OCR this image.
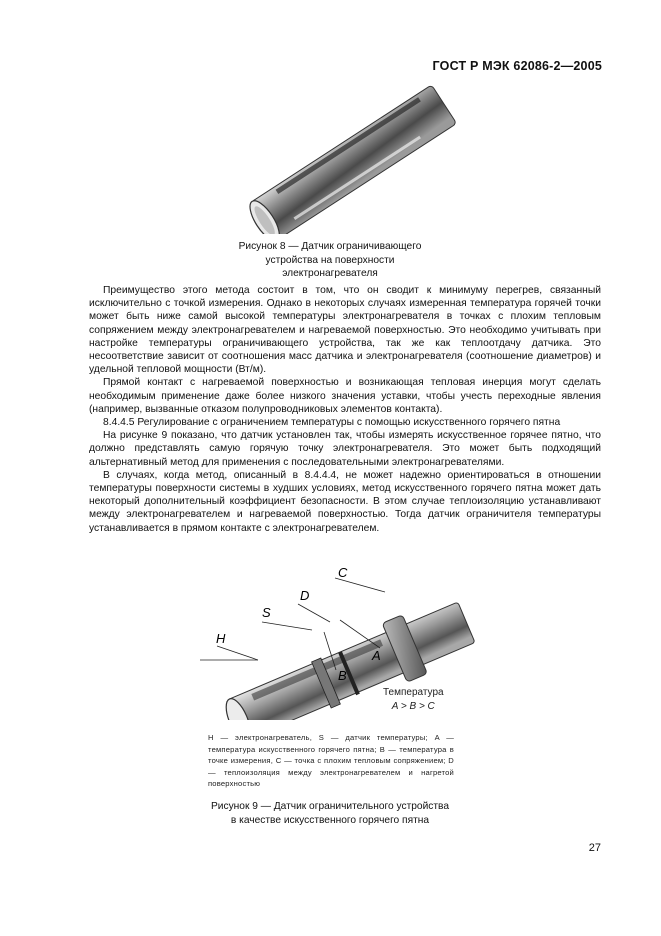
ГОСТ Р МЭК 62086-2—2005
Рисунок 8 — Датчик ограничивающего
устройства на поверхности
электронагревателя

Преимущество этого метода состоит в том, что он сводит к минимуму перегрев, связанный исключительно с точкой измерения. Однако в некоторых случаях измеренная температура горячей точки может быть ниже самой высокой температуры электронагревателя в точках с плохим тепловым сопряжением между электронагревателем и нагреваемой поверхностью. Это необходимо учитывать при настройке температуры ограничивающего устройства, так же как теплоотдачу датчика. Это несоответствие зависит от соотношения масс датчика и электронагревателя (соотношение диаметров) и удельной тепловой мощности (Вт/м).

Прямой контакт с нагреваемой поверхностью и возникающая тепловая инерция могут сделать необходимым применение даже более низкого значения уставки, чтобы учесть переходные явления (например, вызванные отказом полупроводниковых элементов контакта).

8.4.4.5 Регулирование с ограничением температуры с помощью искусственного горячего пятна

На рисунке 9 показано, что датчик установлен так, чтобы измерять искусственное горячее пятно, что должно представлять самую горячую точку электронагревателя. Это может быть подходящий альтернативный метод для применения с последовательными электронагревателями.

В случаях, когда метод, описанный в 8.4.4.4, не может надежно ориентироваться в отношении температуры поверхности системы в худших условиях, метод искусственного горячего пятна может дать некоторый дополнительный коэффициент безопасности. В этом случае теплоизоляцию устанавливают между электронагревателем и нагреваемой поверхностью. Тогда датчик ограничителя температуры устанавливается в прямом контакте с электронагревателем.

C
D
S
H
A
B
Температура
A > B > C
H — электронагреватель, S — датчик температуры; A — температура искусственного горячего пятна; B — температура в точке измерения, C — точка с плохим тепловым сопряжением; D — теплоизоляция между электронагревателем и нагретой поверхностью
Рисунок 9 — Датчик ограничительного устройства
в качестве искусственного горячего пятна
27
